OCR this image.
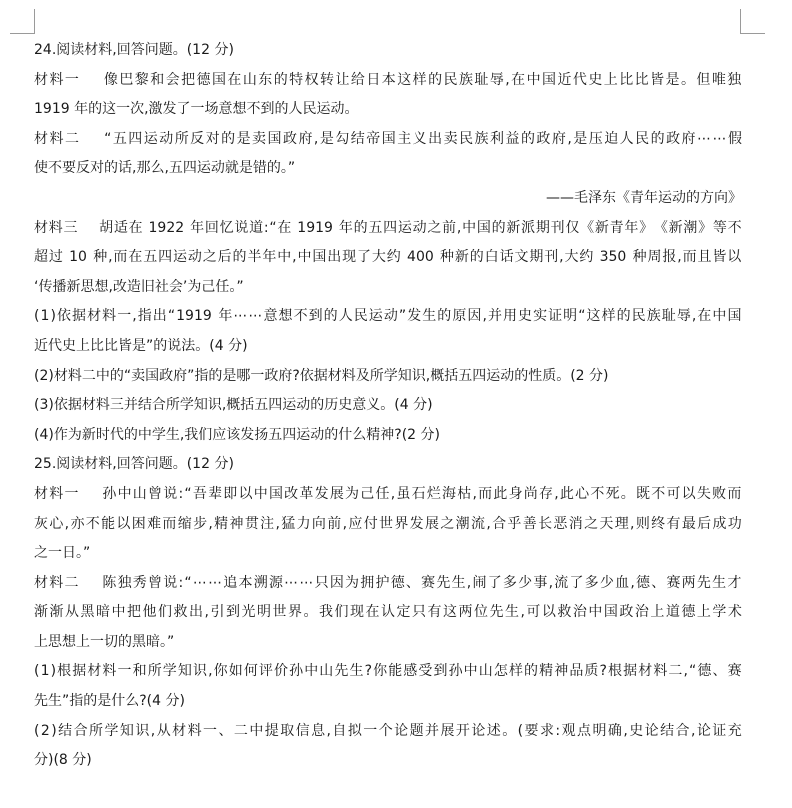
24.阅读材料,回答问题。(12 分)
材 料 一

像 巴 黎 和 会 把 德 国 在 山 东 的 特 权 转 让 给 日 本 这 样 的 民 族 耻 辱 , 在 中 国 近 代 史 上 比 比 皆 是 。 但 唯 独
1919 年的这一次,激发了一场意想不到的人民运动。
材 料 二

“ 五 四 运 动 所 反 对 的 是 卖 国 政 府 , 是 勾 结 帝 国 主 义 出 卖 民 族 利 益 的 政 府 , 是 压 迫 人 民 的 政 府 ⋯ ⋯ 假
使不要反对的话,那么,五四运动就是错的。”
——毛泽东《青年运动的方向》
材 料 三

胡 适 在
1922
年 回 忆 说 道 : “ 在
1919
年 的 五 四 运 动 之 前 , 中 国 的 新 派 期 刊 仅 《 新 青 年 》 《 新 潮 》 等 不
超 过
10
种 , 而 在 五 四 运 动 之 后 的 半 年 中 , 中 国 出 现 了 大 约
400
种 新 的 白 话 文 期 刊 , 大 约
350
种 周 报 , 而 且 皆 以
‘传播新思想,改造旧社会’为己任。”
( 1 ) 依 据 材 料 一 , 指 出 “ 1919
年 ⋯ ⋯ 意 想 不 到 的 人 民 运 动 ” 发 生 的 原 因 , 并 用 史 实 证 明 “ 这 样 的 民 族 耻 辱 , 在 中 国
近代史上比比皆是”的说法。(4 分)
(2)材料二中的“卖国政府”指的是哪一政府?依据材料及所学知识,概括五四运动的性质。(2 分)
(3)依据材料三并结合所学知识,概括五四运动的历史意义。(4 分)
(4)作为新时代的中学生,我们应该发扬五四运动的什么精神?(2 分)
25.阅读材料,回答问题。(12 分)
材 料 一

孙 中 山 曾 说 : “ 吾 辈 即 以 中 国 改 革 发 展 为 己 任 , 虽 石 烂 海 枯 , 而 此 身 尚 存 , 此 心 不 死 。 既 不 可 以 失 败 而
灰 心 , 亦 不 能 以 困 难 而 缩 步 , 精 神 贯 注 , 猛 力 向 前 , 应 付 世 界 发 展 之 潮 流 , 合 乎 善 长 恶 消 之 天 理 , 则 终 有 最 后 成 功
之一日。”
材 料 二

陈 独 秀 曾 说 : “ ⋯ ⋯ 追 本 溯 源 ⋯ ⋯ 只 因 为 拥 护 德 、 赛 先 生 , 闹 了 多 少 事 , 流 了 多 少 血 , 德 、 赛 两 先 生 才
渐 渐 从 黑 暗 中 把 他 们 救 出 , 引 到 光 明 世 界 。 我 们 现 在 认 定 只 有 这 两 位 先 生 , 可 以 救 治 中 国 政 治 上 道 德 上 学 术
上思想上一切的黑暗。”
( 1 ) 根 据 材 料 一 和 所 学 知 识 , 你 如 何 评 价 孙 中 山 先 生 ? 你 能 感 受 到 孙 中 山 怎 样 的 精 神 品 质 ? 根 据 材 料 二 , “ 德 、 赛
先生”指的是什么?(4 分)
( 2 ) 结 合 所 学 知 识 , 从 材 料 一 、 二 中 提 取 信 息 , 自 拟 一 个 论 题 并 展 开 论 述 。 ( 要 求 : 观 点 明 确 , 史 论 结 合 , 论 证 充
分)(8 分)
